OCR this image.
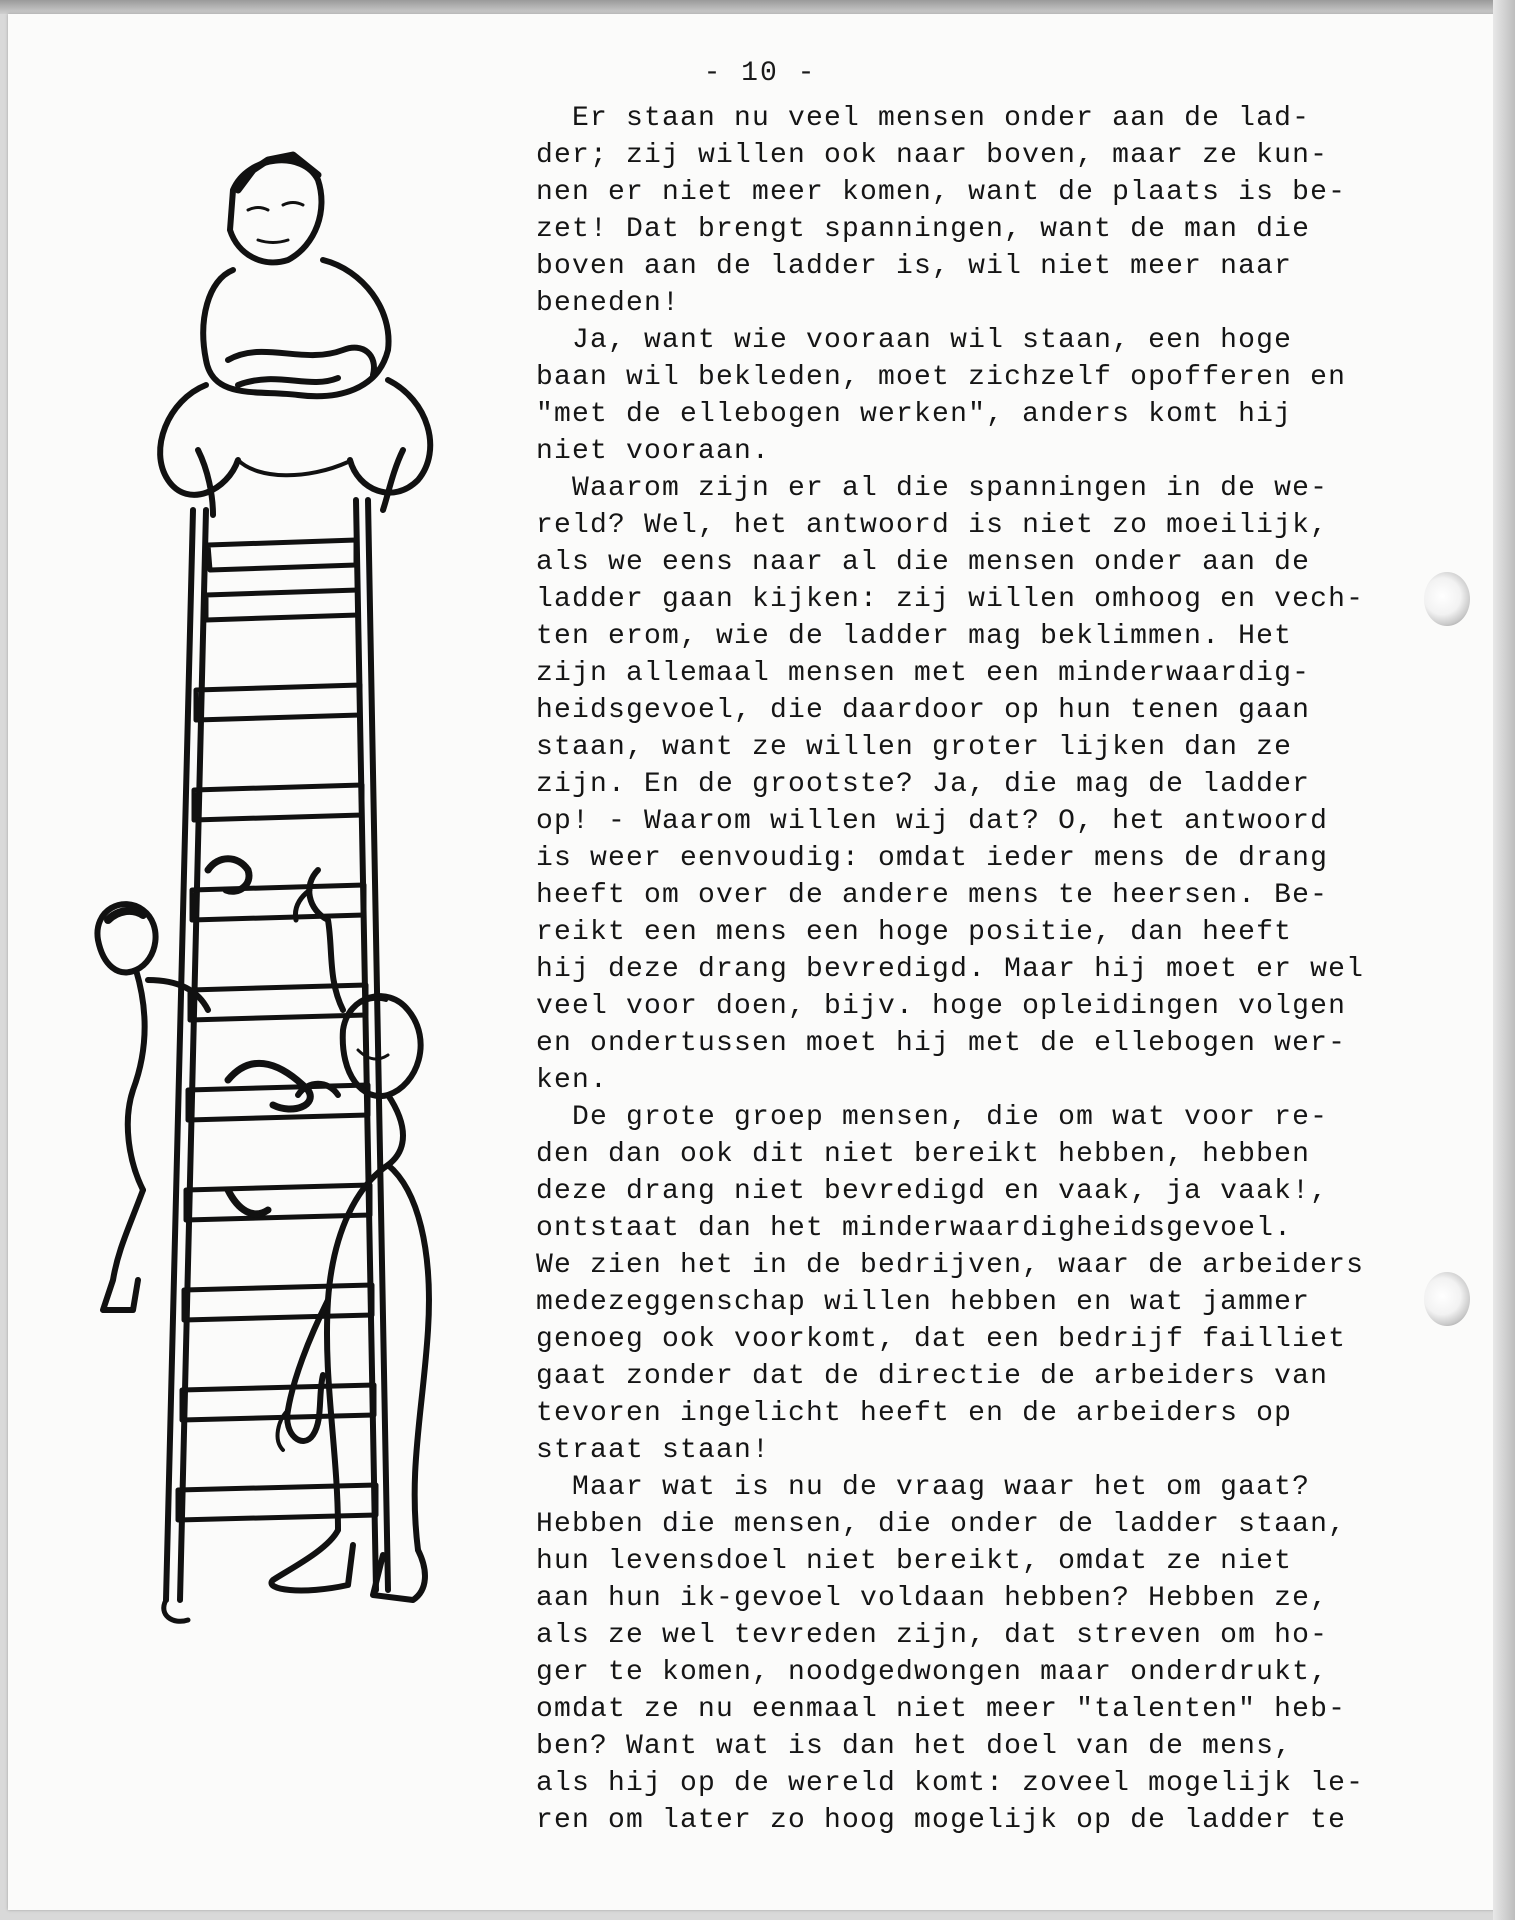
- 10 -
Er staan nu veel mensen onder aan de lad-
der; zij willen ook naar boven, maar ze kun-
nen er niet meer komen, want de plaats is be-
zet! Dat brengt spanningen, want de man die
boven aan de ladder is, wil niet meer naar
beneden!
Ja, want wie vooraan wil staan, een hoge
baan wil bekleden, moet zichzelf opofferen en
"met de ellebogen werken", anders komt hij
niet vooraan.
Waarom zijn er al die spanningen in de we-
reld? Wel, het antwoord is niet zo moeilijk,
als we eens naar al die mensen onder aan de
ladder gaan kijken: zij willen omhoog en vech-
ten erom, wie de ladder mag beklimmen. Het
zijn allemaal mensen met een minderwaardig-
heidsgevoel, die daardoor op hun tenen gaan
staan, want ze willen groter lijken dan ze
zijn. En de grootste? Ja, die mag de ladder
op! - Waarom willen wij dat? O, het antwoord
is weer eenvoudig: omdat ieder mens de drang
heeft om over de andere mens te heersen. Be-
reikt een mens een hoge positie, dan heeft
hij deze drang bevredigd. Maar hij moet er wel
veel voor doen, bijv. hoge opleidingen volgen
en ondertussen moet hij met de ellebogen wer-
ken.
De grote groep mensen, die om wat voor re-
den dan ook dit niet bereikt hebben, hebben
deze drang niet bevredigd en vaak, ja vaak!,
ontstaat dan het minderwaardigheidsgevoel.
We zien het in de bedrijven, waar de arbeiders
medezeggenschap willen hebben en wat jammer
genoeg ook voorkomt, dat een bedrijf failliet
gaat zonder dat de directie de arbeiders van
tevoren ingelicht heeft en de arbeiders op
straat staan!
Maar wat is nu de vraag waar het om gaat?
Hebben die mensen, die onder de ladder staan,
hun levensdoel niet bereikt, omdat ze niet
aan hun ik-gevoel voldaan hebben? Hebben ze,
als ze wel tevreden zijn, dat streven om ho-
ger te komen, noodgedwongen maar onderdrukt,
omdat ze nu eenmaal niet meer "talenten" heb-
ben? Want wat is dan het doel van de mens,
als hij op de wereld komt: zoveel mogelijk le-
ren om later zo hoog mogelijk op de ladder te
